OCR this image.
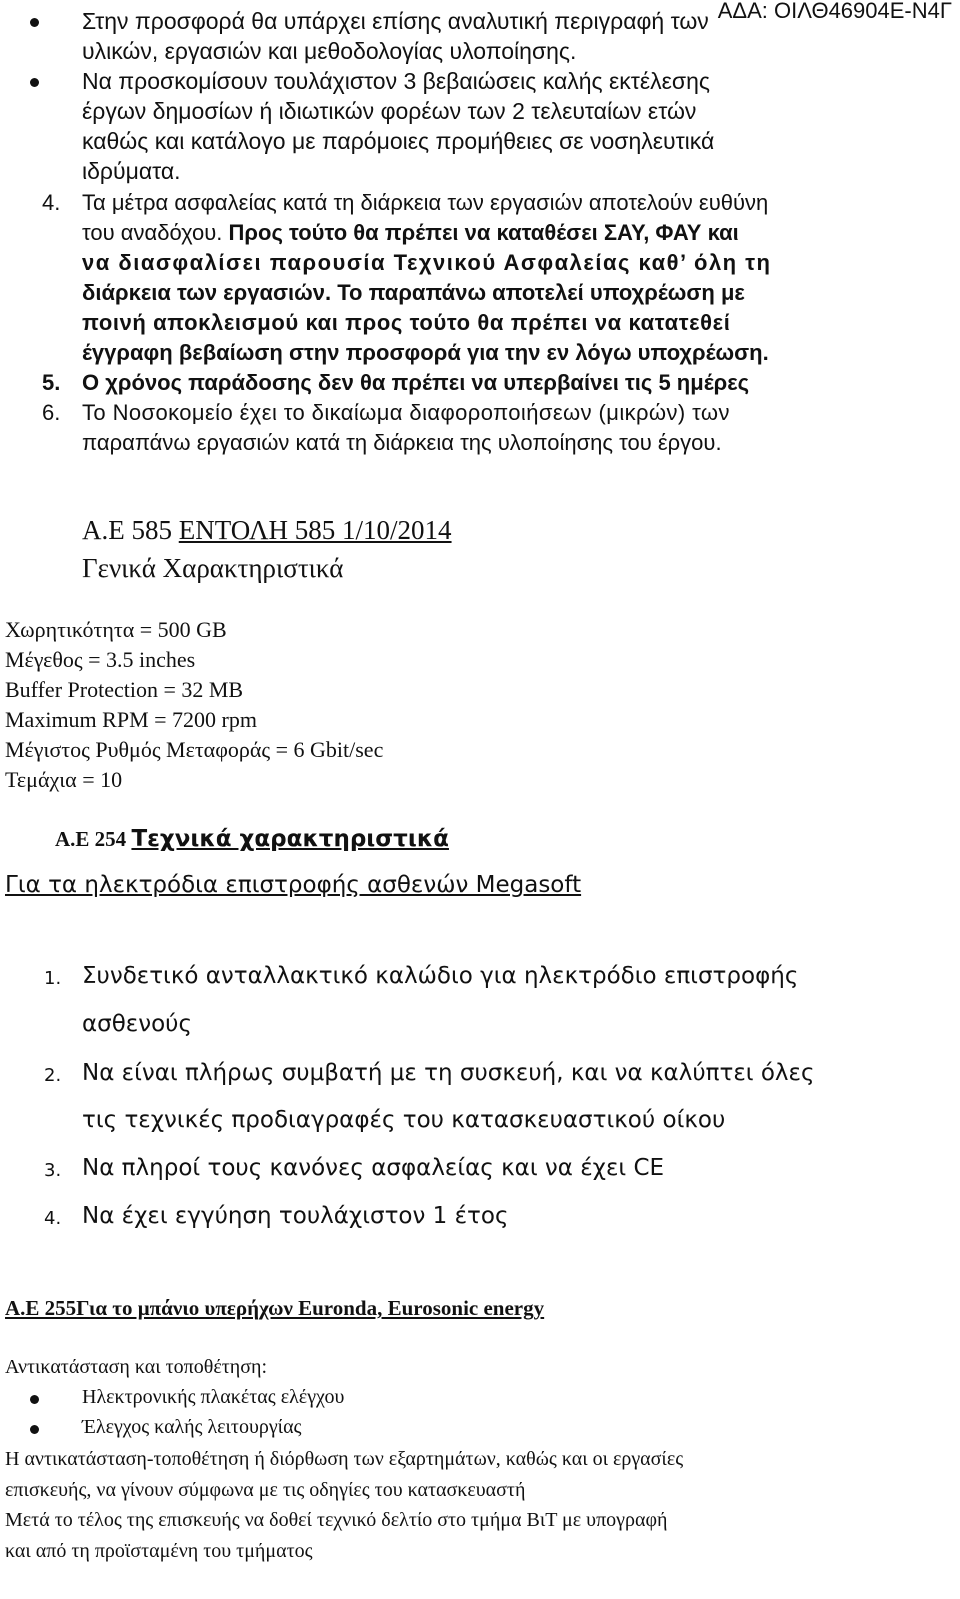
ΑΔΑ: ΟΙΛΘ46904Ε-Ν4Γ
Στην προσφορά θα υπάρχει επίσης αναλυτική περιγραφή των
υλικών, εργασιών και μεθοδολογίας υλοποίησης.
Να προσκομίσουν τουλάχιστον 3 βεβαιώσεις καλής εκτέλεσης
έργων δημοσίων ή ιδιωτικών φορέων των 2 τελευταίων ετών
καθώς και κατάλογο με παρόμοιες προμήθειες σε νοσηλευτικά
ιδρύματα.
4. Τα μέτρα ασφαλείας κατά τη διάρκεια των εργασιών αποτελούν ευθύνη
του αναδόχου. Προς τούτο θα πρέπει να καταθέσει ΣΑΥ, ΦΑΥ και
να διασφαλίσει παρουσία Τεχνικού Ασφαλείας καθ’ όλη τη
διάρκεια των εργασιών. Το παραπάνω αποτελεί υποχρέωση με
ποινή αποκλεισμού και προς τούτο θα πρέπει να κατατεθεί
έγγραφη βεβαίωση στην προσφορά για την εν λόγω υποχρέωση.
5. Ο χρόνος παράδοσης δεν θα πρέπει να υπερβαίνει τις 5 ημέρες
6. Το Νοσοκομείο έχει το δικαίωμα διαφοροποιήσεων (μικρών) των
παραπάνω εργασιών κατά τη διάρκεια της υλοποίησης του έργου.
Α.Ε 585 ΕΝΤΟΛΗ 585 1/10/2014
Γενικά Χαρακτηριστικά
Χωρητικότητα = 500 GB
Μέγεθος = 3.5 inches
Buffer Protection = 32 MB
Maximum RPM = 7200 rpm
Μέγιστος Ρυθμός Μεταφοράς = 6 Gbit/sec
Τεμάχια = 10
Α.Ε 254 Τεχνικά χαρακτηριστικά
Για τα ηλεκτρόδια επιστροφής ασθενών Megasoft
1. Συνδετικό ανταλλακτικό καλώδιο για ηλεκτρόδιο επιστροφής
ασθενούς
2. Να είναι πλήρως συμβατή με τη συσκευή, και να καλύπτει όλες
τις τεχνικές προδιαγραφές του κατασκευαστικού οίκου
3. Να πληροί τους κανόνες ασφαλείας και να έχει CE
4. Να έχει εγγύηση τουλάχιστον 1 έτος
Α.Ε 255Για το μπάνιο υπερήχων Euronda, Eurosonic energy
Αντικατάσταση και τοποθέτηση:
Ηλεκτρονικής πλακέτας ελέγχου
Έλεγχος καλής λειτουργίας
Η αντικατάσταση-τοποθέτηση ή διόρθωση των εξαρτημάτων, καθώς και οι εργασίες
επισκευής, να γίνουν σύμφωνα με τις οδηγίες του κατασκευαστή
Μετά το τέλος της επισκευής να δοθεί τεχνικό δελτίο στο τμήμα ΒιΤ με υπογραφή
και από τη προϊσταμένη του τμήματος
